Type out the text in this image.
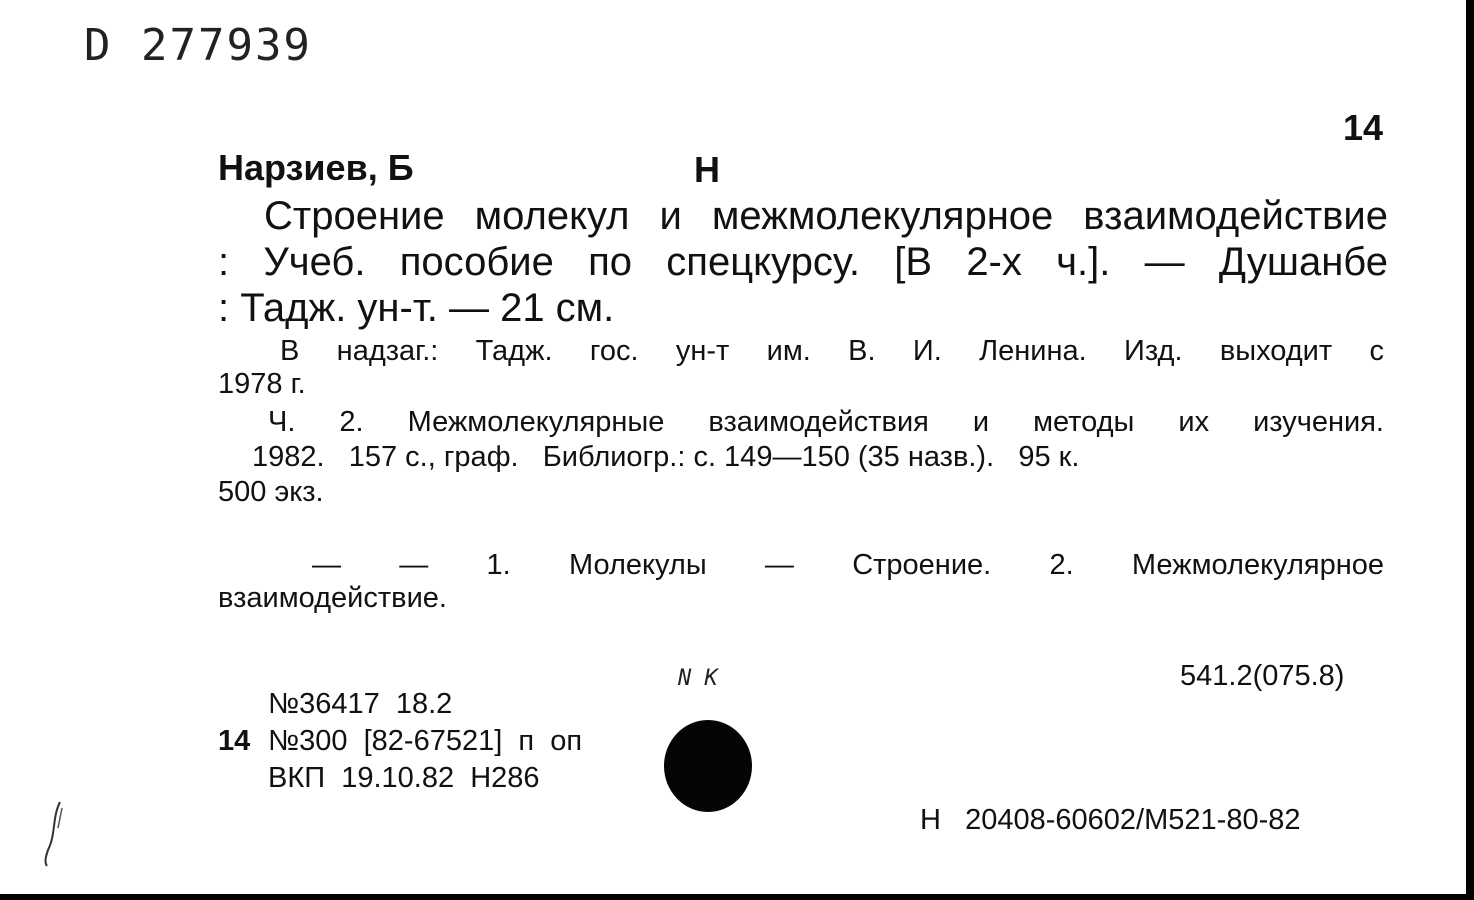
D 277939
14
Нарзиев, Б	Н
Строение молекул и межмолекулярное взаимодействие
: Учеб. пособие по спецкурсу. [В 2-х ч.]. — Душанбе
: Тадж. ун-т. — 21 см.
В надзаг.: Тадж. гос. ун-т им. В. И. Ленина. Изд. выходит с
1978 г.
Ч. 2. Межмолекулярные взаимодействия и методы их изучения.
1982.   157 с., граф.   Библиогр.: с. 149—150 (35 назв.).   95 к.
500 экз.
— — 1. Молекулы — Строение. 2. Межмолекулярное
взаимодействие.
N K	541.2(075.8)
№36417  18.2
14 №300  [82-67521]  п  оп
ВКП  19.10.82  Н286
Н   20408-60602/М521-80-82
